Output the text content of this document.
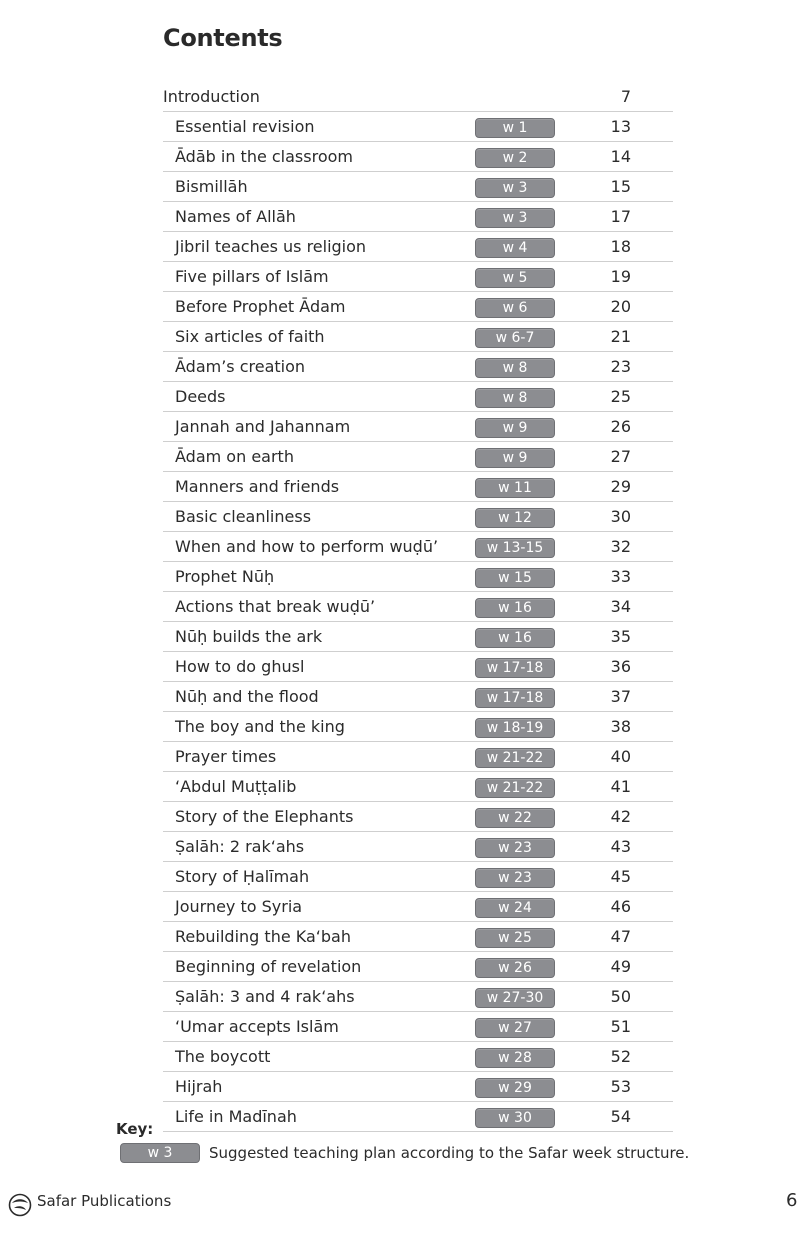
Contents
Introduction	7
Essential revision	w 1	13
Ādāb in the classroom	w 2	14
Bismillāh	w 3	15
Names of Allāh	w 3	17
Jibril teaches us religion	w 4	18
Five pillars of Islām	w 5	19
Before Prophet Ādam	w 6	20
Six articles of faith	w 6-7	21
Ādam’s creation	w 8	23
Deeds	w 8	25
Jannah and Jahannam	w 9	26
Ādam on earth	w 9	27
Manners and friends	w 11	29
Basic cleanliness	w 12	30
When and how to perform wuḍū’	w 13-15	32
Prophet Nūḥ	w 15	33
Actions that break wuḍū’	w 16	34
Nūḥ builds the ark	w 16	35
How to do ghusl	w 17-18	36
Nūḥ and the flood	w 17-18	37
The boy and the king	w 18-19	38
Prayer times	w 21-22	40
‘Abdul Muṭṭalib	w 21-22	41
Story of the Elephants	w 22	42
Ṣalāh: 2 rak‘ahs	w 23	43
Story of Ḥalīmah	w 23	45
Journey to Syria	w 24	46
Rebuilding the Ka‘bah	w 25	47
Beginning of revelation	w 26	49
Ṣalāh: 3 and 4 rak‘ahs	w 27-30	50
‘Umar accepts Islām	w 27	51
The boycott	w 28	52
Hijrah	w 29	53
Life in Madīnah	w 30	54
Key:
w 3	Suggested teaching plan according to the Safar week structure.
Safar Publications	6
